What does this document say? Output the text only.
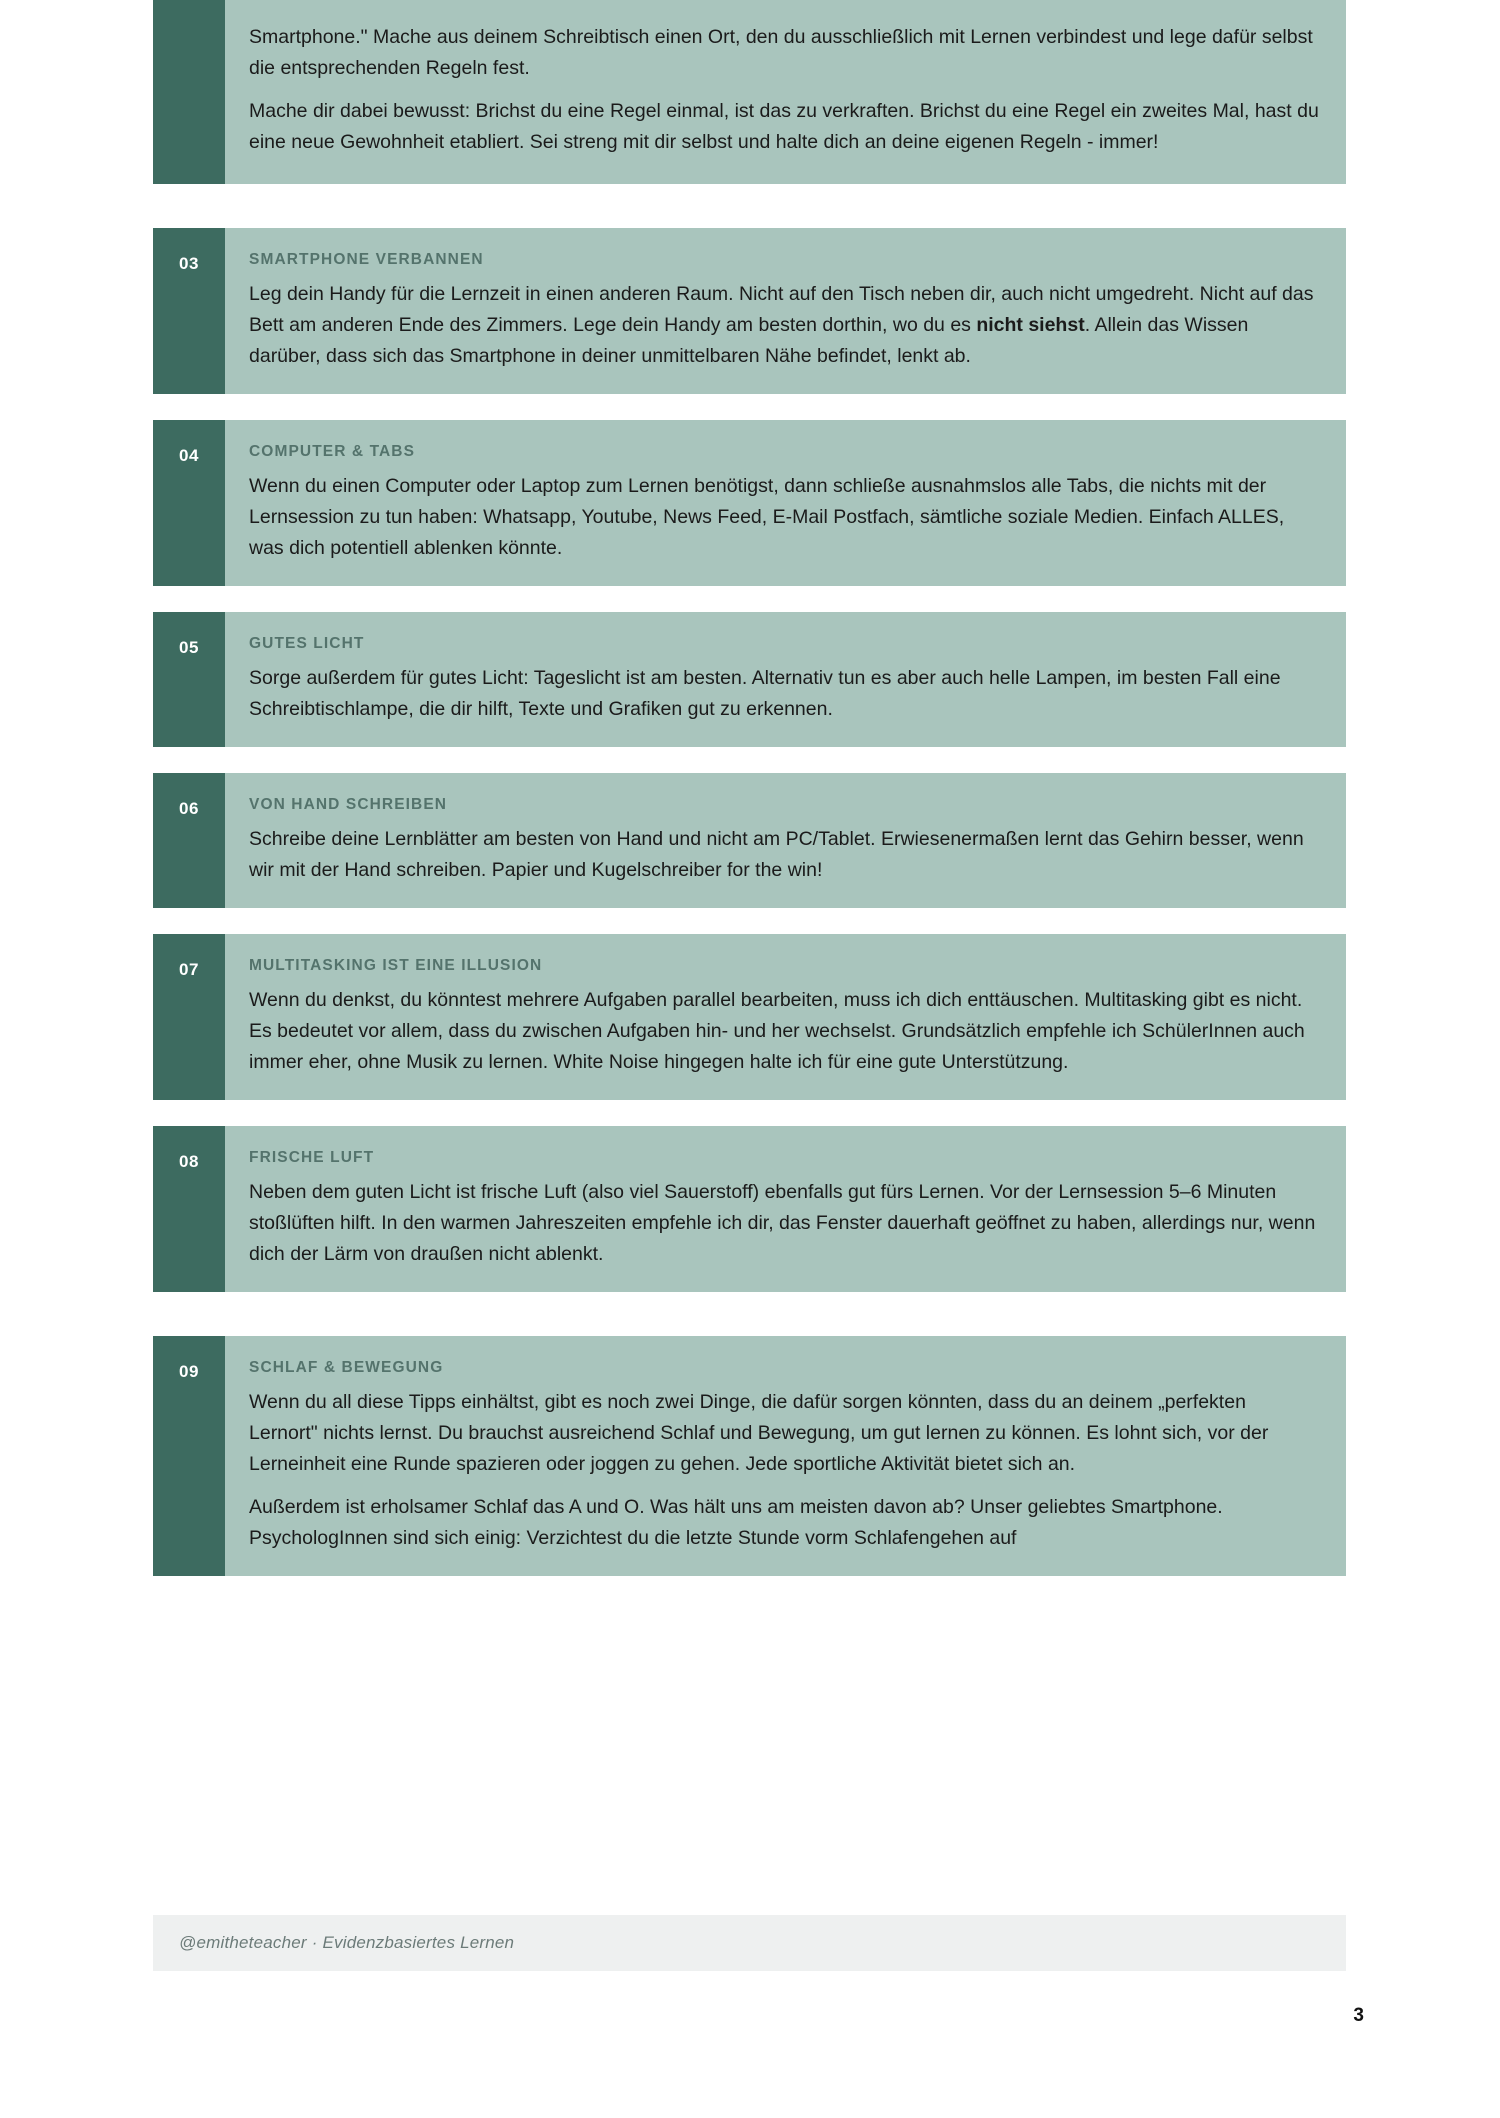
Smartphone." Mache aus deinem Schreibtisch einen Ort, den du ausschließlich mit Lernen verbindest und lege dafür selbst die entsprechenden Regeln fest.

Mache dir dabei bewusst: Brichst du eine Regel einmal, ist das zu verkraften. Brichst du eine Regel ein zweites Mal, hast du eine neue Gewohnheit etabliert. Sei streng mit dir selbst und halte dich an deine eigenen Regeln - immer!

03	SMARTPHONE VERBANNEN

Leg dein Handy für die Lernzeit in einen anderen Raum. Nicht auf den Tisch neben dir, auch nicht umgedreht. Nicht auf das Bett am anderen Ende des Zimmers. Lege dein Handy am besten dorthin, wo du es nicht siehst. Allein das Wissen darüber, dass sich das Smartphone in deiner unmittelbaren Nähe befindet, lenkt ab.

04	COMPUTER & TABS

Wenn du einen Computer oder Laptop zum Lernen benötigst, dann schließe ausnahmslos alle Tabs, die nichts mit der Lernsession zu tun haben: Whatsapp, Youtube, News Feed, E-Mail Postfach, sämtliche soziale Medien. Einfach ALLES, was dich potentiell ablenken könnte.

05	GUTES LICHT

Sorge außerdem für gutes Licht: Tageslicht ist am besten. Alternativ tun es aber auch helle Lampen, im besten Fall eine Schreibtischlampe, die dir hilft, Texte und Grafiken gut zu erkennen.

06	VON HAND SCHREIBEN

Schreibe deine Lernblätter am besten von Hand und nicht am PC/Tablet. Erwiesenermaßen lernt das Gehirn besser, wenn wir mit der Hand schreiben. Papier und Kugelschreiber for the win!

07	MULTITASKING IST EINE ILLUSION

Wenn du denkst, du könntest mehrere Aufgaben parallel bearbeiten, muss ich dich enttäuschen. Multitasking gibt es nicht. Es bedeutet vor allem, dass du zwischen Aufgaben hin- und her wechselst. Grundsätzlich empfehle ich SchülerInnen auch immer eher, ohne Musik zu lernen. White Noise hingegen halte ich für eine gute Unterstützung.

08	FRISCHE LUFT

Neben dem guten Licht ist frische Luft (also viel Sauerstoff) ebenfalls gut fürs Lernen. Vor der Lernsession 5–6 Minuten stoßlüften hilft. In den warmen Jahreszeiten empfehle ich dir, das Fenster dauerhaft geöffnet zu haben, allerdings nur, wenn dich der Lärm von draußen nicht ablenkt.

09	SCHLAF & BEWEGUNG

Wenn du all diese Tipps einhältst, gibt es noch zwei Dinge, die dafür sorgen könnten, dass du an deinem „perfekten Lernort" nichts lernst. Du brauchst ausreichend Schlaf und Bewegung, um gut lernen zu können. Es lohnt sich, vor der Lerneinheit eine Runde spazieren oder joggen zu gehen. Jede sportliche Aktivität bietet sich an.

Außerdem ist erholsamer Schlaf das A und O. Was hält uns am meisten davon ab? Unser geliebtes Smartphone. PsychologInnen sind sich einig: Verzichtest du die letzte Stunde vorm Schlafengehen auf

@emitheteacher · Evidenzbasiertes Lernen
3
